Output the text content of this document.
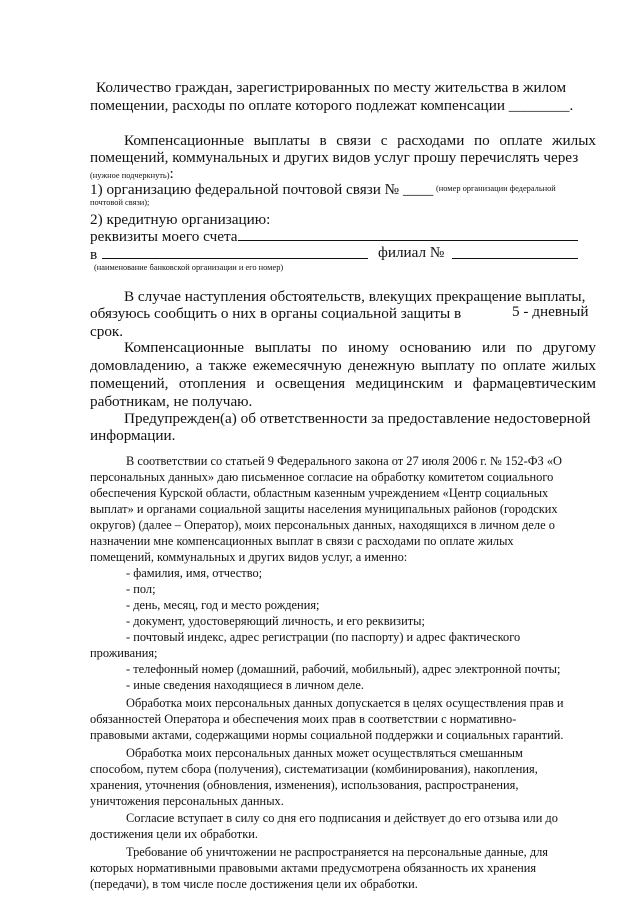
Количество граждан, зарегистрированных по месту жительства в жилом

помещении, расходы по оплате которого подлежат компенсации ________.

Компенсационные выплаты в связи с расходами по оплате жилых

помещений, коммунальных и других видов услуг прошу перечислять через

(нужное подчеркнуть):

1) организацию федеральной почтовой связи № ____ (номер организации федеральной

почтовой связи);

2) кредитную организацию:

реквизиты моего счета

в	филиал №

(наименование банковской организации и его номер)

В случае наступления обстоятельств, влекущих прекращение выплаты,

обязуюсь сообщить о них в органы социальной защиты в	5 - дневный

срок.

Компенсационные выплаты по иному основанию или по другому

домовладению, а также ежемесячную денежную выплату по оплате жилых

помещений, отопления и освещения медицинским и фармацевтическим

работникам, не получаю.

Предупрежден(а) об ответственности за предоставление недостоверной

информации.

В соответствии со статьей 9 Федерального закона от 27 июля 2006 г. № 152-ФЗ «О

персональных данных» даю письменное согласие на обработку комитетом социального

обеспечения Курской области, областным казенным учреждением «Центр социальных

выплат» и органами социальной защиты населения муниципальных районов (городских

округов) (далее – Оператор), моих персональных данных, находящихся в личном деле о

назначении мне компенсационных выплат в связи с расходами по оплате жилых

помещений, коммунальных и других видов услуг, а именно:

- фамилия, имя, отчество;

- пол;

- день, месяц, год и место рождения;

- документ, удостоверяющий личность, и его реквизиты;

- почтовый индекс, адрес регистрации (по паспорту) и адрес фактического

проживания;

- телефонный номер (домашний, рабочий, мобильный), адрес электронной почты;

- иные сведения находящиеся в личном деле.

Обработка моих персональных данных допускается в целях осуществления прав и

обязанностей Оператора и обеспечения моих прав в соответствии с нормативно-

правовыми актами, содержащими нормы социальной поддержки и социальных гарантий.

Обработка моих персональных данных может осуществляться смешанным

способом, путем сбора (получения), систематизации (комбинирования), накопления,

хранения, уточнения (обновления, изменения), использования, распространения,

уничтожения персональных данных.

Согласие вступает в силу со дня его подписания и действует до его отзыва или до

достижения цели их обработки.

Требование об уничтожении не распространяется на персональные данные, для

которых нормативными правовыми актами предусмотрена обязанность их хранения

(передачи), в том числе после достижения цели их обработки.
